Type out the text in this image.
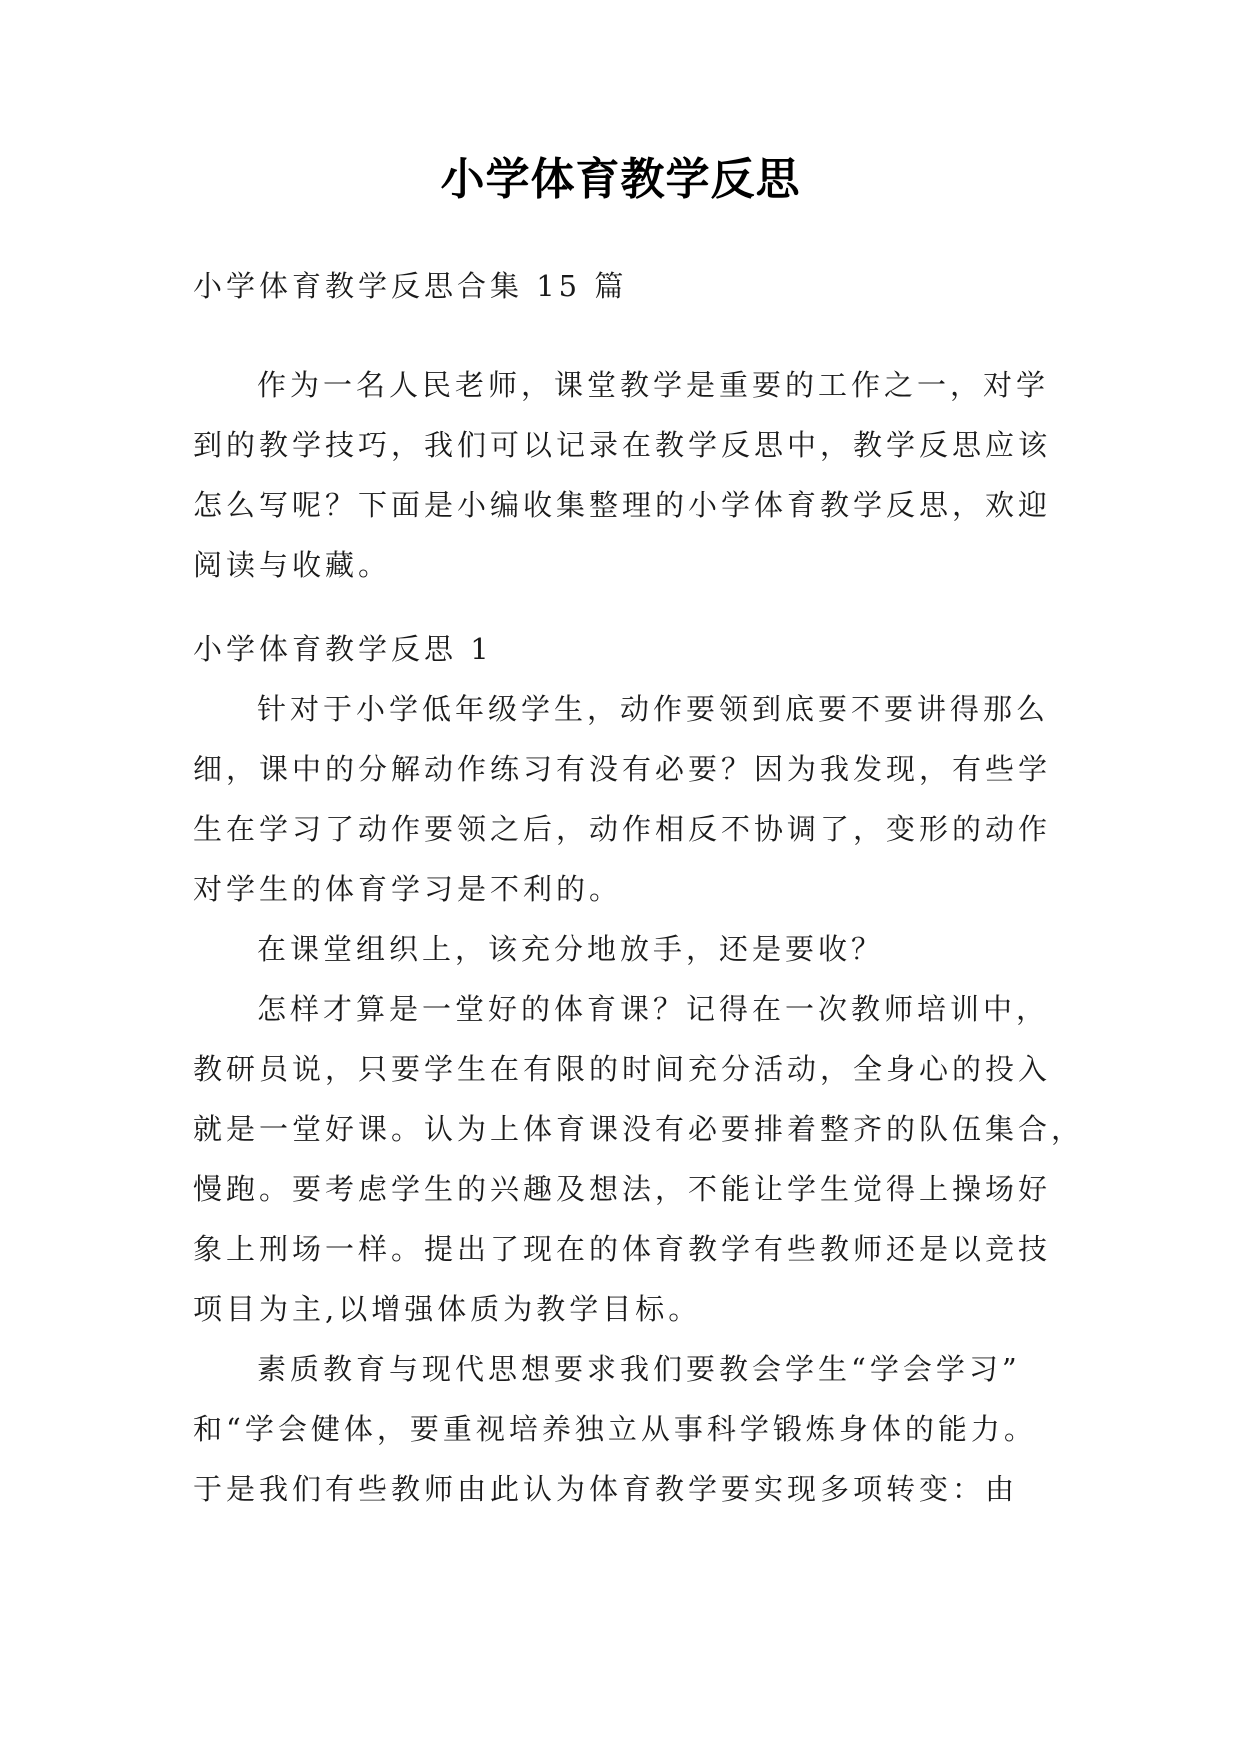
小学体育教学反思
小学体育教学反思合集 15 篇
作为一名人民老师，课堂教学是重要的工作之一，对学
到的教学技巧，我们可以记录在教学反思中，教学反思应该
怎么写呢？下面是小编收集整理的小学体育教学反思，欢迎
阅读与收藏。
小学体育教学反思 1
针对于小学低年级学生，动作要领到底要不要讲得那么
细，课中的分解动作练习有没有必要？因为我发现，有些学
生在学习了动作要领之后，动作相反不协调了，变形的动作
对学生的体育学习是不利的。
在课堂组织上，该充分地放手，还是要收？
怎样才算是一堂好的体育课？记得在一次教师培训中，
教研员说，只要学生在有限的时间充分活动，全身心的投入
就是一堂好课。认为上体育课没有必要排着整齐的队伍集合，
慢跑。要考虑学生的兴趣及想法，不能让学生觉得上操场好
象上刑场一样。提出了现在的体育教学有些教师还是以竞技
项目为主,以增强体质为教学目标。
素质教育与现代思想要求我们要教会学生“学会学习”
和“学会健体，要重视培养独立从事科学锻炼身体的能力。
于是我们有些教师由此认为体育教学要实现多项转变：由
